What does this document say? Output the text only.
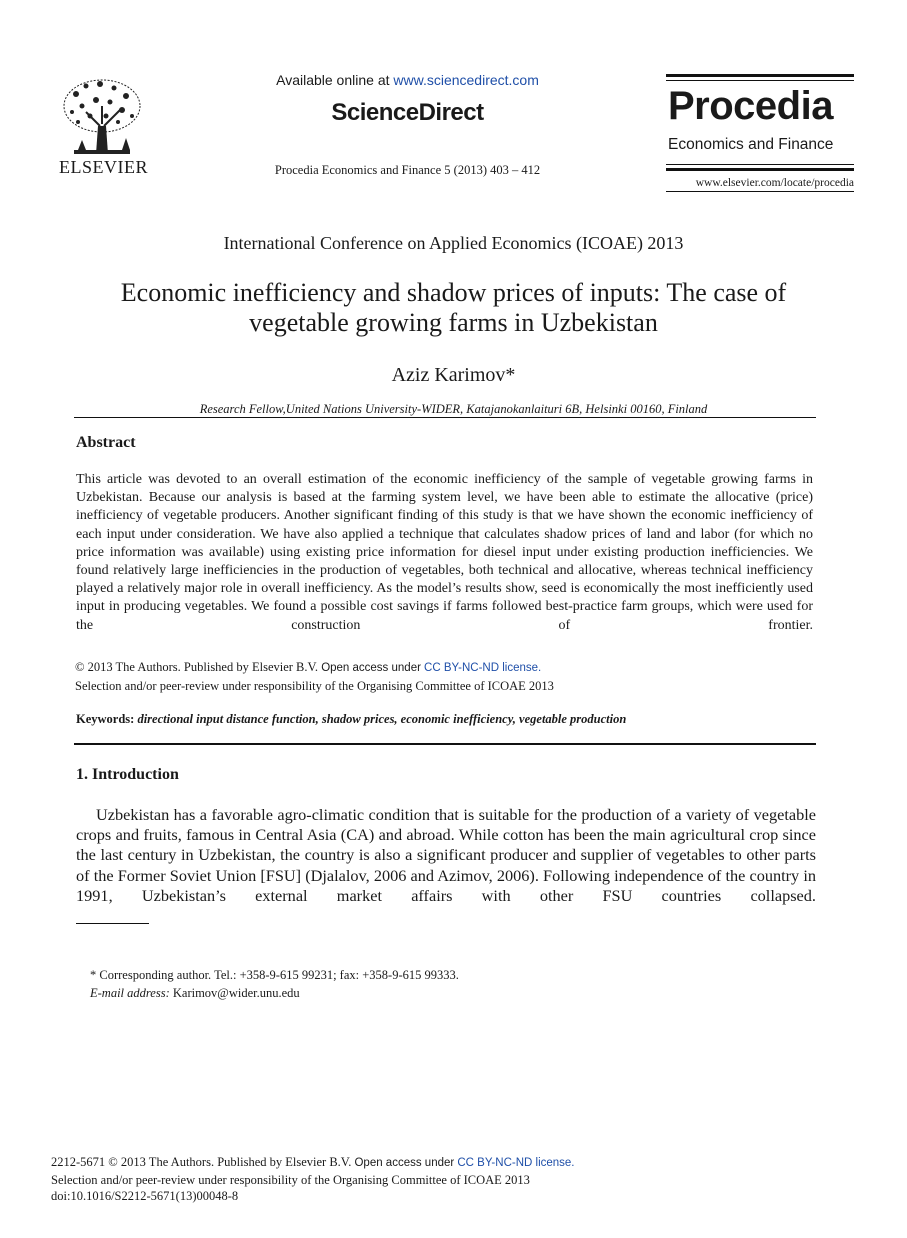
ELSEVIER
Available online at www.sciencedirect.com
ScienceDirect
Procedia Economics and Finance 5 (2013) 403 – 412
Procedia
Economics and Finance
www.elsevier.com/locate/procedia
International Conference on Applied Economics (ICOAE) 2013
Economic inefficiency and shadow prices of inputs: The case of
vegetable growing farms in Uzbekistan
Aziz Karimov*
Research Fellow,United Nations University-WIDER, Katajanokanlaituri 6B, Helsinki 00160, Finland
Abstract
This article was devoted to an overall estimation of the economic inefficiency of the sample of vegetable growing farms in Uzbekistan. Because our analysis is based at the farming system level, we have been able to estimate the allocative (price) inefficiency of vegetable producers. Another significant finding of this study is that we have shown the economic inefficiency of each input under consideration. We have also applied a technique that calculates shadow prices of land and labor (for which no price information was available) using existing price information for diesel input under existing production inefficiencies. We found relatively large inefficiencies in the production of vegetables, both technical and allocative, whereas technical inefficiency played a relatively major role in overall inefficiency. As the model’s results show, seed is economically the most inefficiently used input in producing vegetables. We found a possible cost savings if farms followed best-practice farm groups, which were used for the construction of frontier.
© 2013 The Authors. Published by Elsevier B.V. Open access under CC BY-NC-ND license.
Selection and/or peer-review under responsibility of the Organising Committee of ICOAE 2013
Keywords: directional input distance function, shadow prices, economic inefficiency, vegetable production
1. Introduction
Uzbekistan has a favorable agro-climatic condition that is suitable for the production of a variety of vegetable crops and fruits, famous in Central Asia (CA) and abroad. While cotton has been the main agricultural crop since the last century in Uzbekistan, the country is also a significant producer and supplier of vegetables to other parts of the Former Soviet Union [FSU] (Djalalov, 2006 and Azimov, 2006). Following independence of the country in 1991, Uzbekistan’s external market affairs with other FSU countries collapsed.
* Corresponding author. Tel.: +358-9-615 99231; fax: +358-9-615 99333.
E-mail address: Karimov@wider.unu.edu
2212-5671 © 2013 The Authors. Published by Elsevier B.V. Open access under CC BY-NC-ND license.
Selection and/or peer-review under responsibility of the Organising Committee of ICOAE 2013
doi:10.1016/S2212-5671(13)00048-8
